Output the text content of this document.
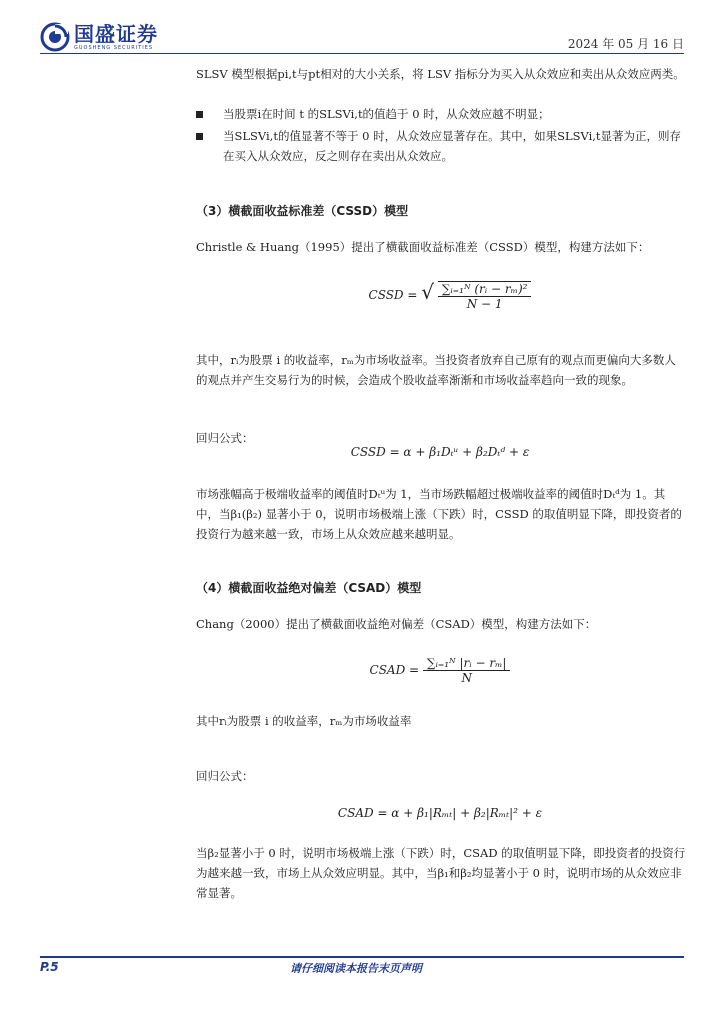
国盛证券
GUOSHENG SECURITIES	2024 年 05 月 16 日
SLSV 模型根据pi,t与pt相对的大小关系，将 LSV 指标分为买入从众效应和卖出从众效应两类。
当股票i在时间 t 的SLSVi,t的值趋于 0 时，从众效应越不明显；
当SLSVi,t的值显著不等于 0 时，从众效应显著存在。其中，如果SLSVi,t显著为正，则存在买入从众效应，反之则存在卖出从众效应。
（3）横截面收益标准差（CSSD）模型
Christle & Huang（1995）提出了横截面收益标准差（CSSD）模型，构建方法如下：
CSSD = √ $\frac{\text{∑ᵢ₌₁ᴺ (rᵢ − rₘ)²}}{N - 1}$
其中，rᵢ为股票 i 的收益率，rₘ为市场收益率。当投资者放弃自己原有的观点而更偏向大多数人的观点并产生交易行为的时候，会造成个股收益率渐渐和市场收益率趋向一致的现象。
回归公式：
CSSD = α + β₁Dₜᵘ + β₂Dₜᵈ + ε
市场涨幅高于极端收益率的阈值时Dₜᵘ为 1，当市场跌幅超过极端收益率的阈值时Dₜᵈ为 1。其中，当β₁(β₂) 显著小于 0，说明市场极端上涨（下跌）时，CSSD 的取值明显下降，即投资者的投资行为越来越一致，市场上从众效应越来越明显。
（4）横截面收益绝对偏差（CSAD）模型
Chang（2000）提出了横截面收益绝对偏差（CSAD）模型，构建方法如下：
CSAD = $\frac{\text{∑ᵢ₌₁ᴺ |rᵢ − rₘ|}}{N}$
其中rᵢ为股票 i 的收益率，rₘ为市场收益率
回归公式：
CSAD = α + β₁|Rₘₜ| + β₂|Rₘₜ|² + ε
当β₂显著小于 0 时，说明市场极端上涨（下跌）时，CSAD 的取值明显下降，即投资者的投资行为越来越一致，市场上从众效应明显。其中，当β₁和β₂均显著小于 0 时，说明市场的从众效应非常显著。
P.5	请仔细阅读本报告末页声明
